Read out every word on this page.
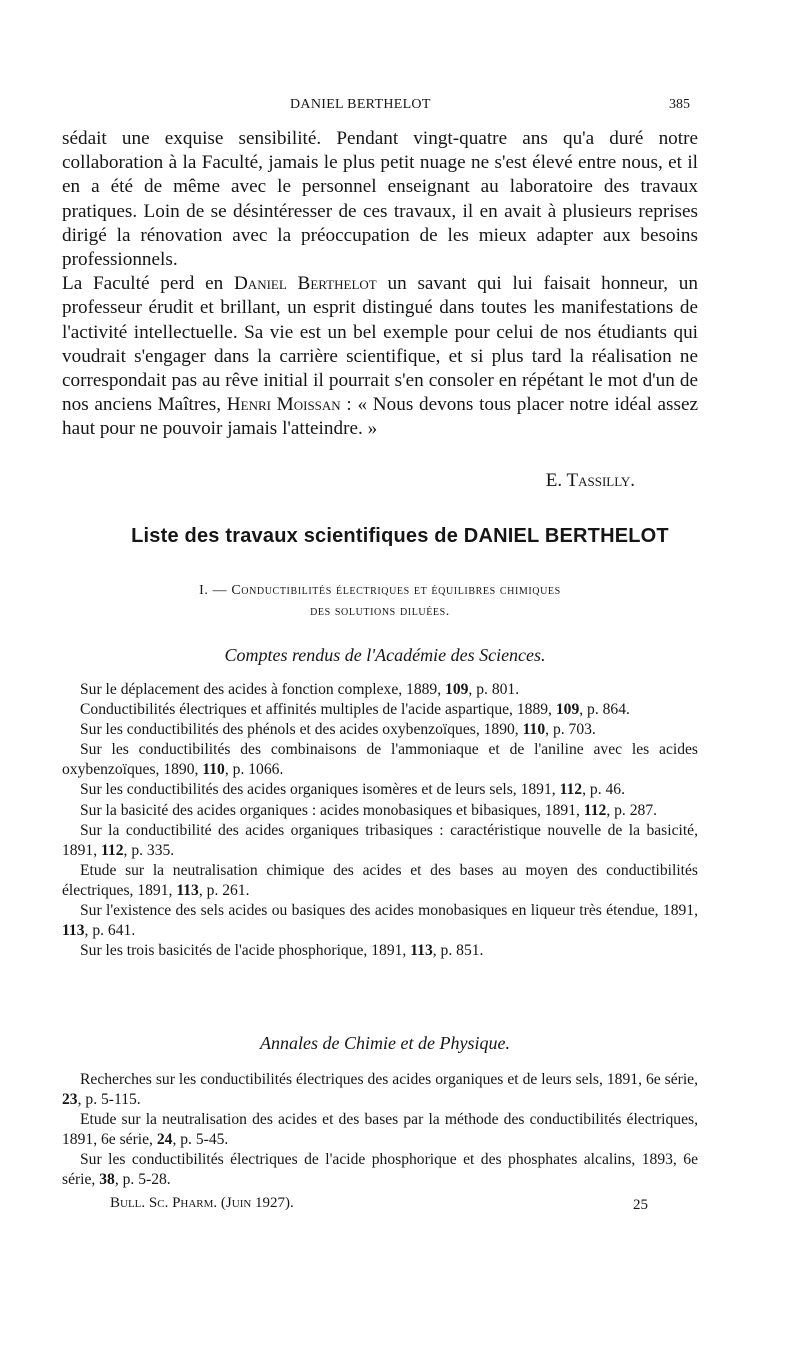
DANIEL BERTHELOT	385

sédait une exquise sensibilité. Pendant vingt-quatre ans qu'a duré notre collaboration à la Faculté, jamais le plus petit nuage ne s'est élevé entre nous, et il en a été de même avec le personnel enseignant au laboratoire des travaux pratiques. Loin de se désintéresser de ces travaux, il en avait à plusieurs reprises dirigé la rénovation avec la préoccupation de les mieux adapter aux besoins professionnels.

La Faculté perd en Daniel Berthelot un savant qui lui faisait honneur, un professeur érudit et brillant, un esprit distingué dans toutes les manifestations de l'activité intellectuelle. Sa vie est un bel exemple pour celui de nos étudiants qui voudrait s'engager dans la carrière scientifique, et si plus tard la réalisation ne correspondait pas au rêve initial il pourrait s'en consoler en répétant le mot d'un de nos anciens Maîtres, Henri Moissan : « Nous devons tous placer notre idéal assez haut pour ne pouvoir jamais l'atteindre. »

E. Tassilly.
Liste des travaux scientifiques de DANIEL BERTHELOT
I. — Conductibilités électriques et équilibres chimiques
des solutions diluées.
Comptes rendus de l'Académie des Sciences.

Sur le déplacement des acides à fonction complexe, 1889, 109, p. 801.

Conductibilités électriques et affinités multiples de l'acide aspartique, 1889, 109, p. 864.

Sur les conductibilités des phénols et des acides oxybenzoïques, 1890, 110, p. 703.

Sur les conductibilités des combinaisons de l'ammoniaque et de l'aniline avec les acides oxybenzoïques, 1890, 110, p. 1066.

Sur les conductibilités des acides organiques isomères et de leurs sels, 1891, 112, p. 46.

Sur la basicité des acides organiques : acides monobasiques et bibasiques, 1891, 112, p. 287.

Sur la conductibilité des acides organiques tribasiques : caractéristique nouvelle de la basicité, 1891, 112, p. 335.

Etude sur la neutralisation chimique des acides et des bases au moyen des conductibilités électriques, 1891, 113, p. 261.

Sur l'existence des sels acides ou basiques des acides monobasiques en liqueur très étendue, 1891, 113, p. 641.

Sur les trois basicités de l'acide phosphorique, 1891, 113, p. 851.

Annales de Chimie et de Physique.

Recherches sur les conductibilités électriques des acides organiques et de leurs sels, 1891, 6e série, 23, p. 5-115.

Etude sur la neutralisation des acides et des bases par la méthode des conductibilités électriques, 1891, 6e série, 24, p. 5-45.

Sur les conductibilités électriques de l'acide phosphorique et des phosphates alcalins, 1893, 6e série, 38, p. 5-28.

Bull. Sc. Pharm. (Juin 1927).	25
